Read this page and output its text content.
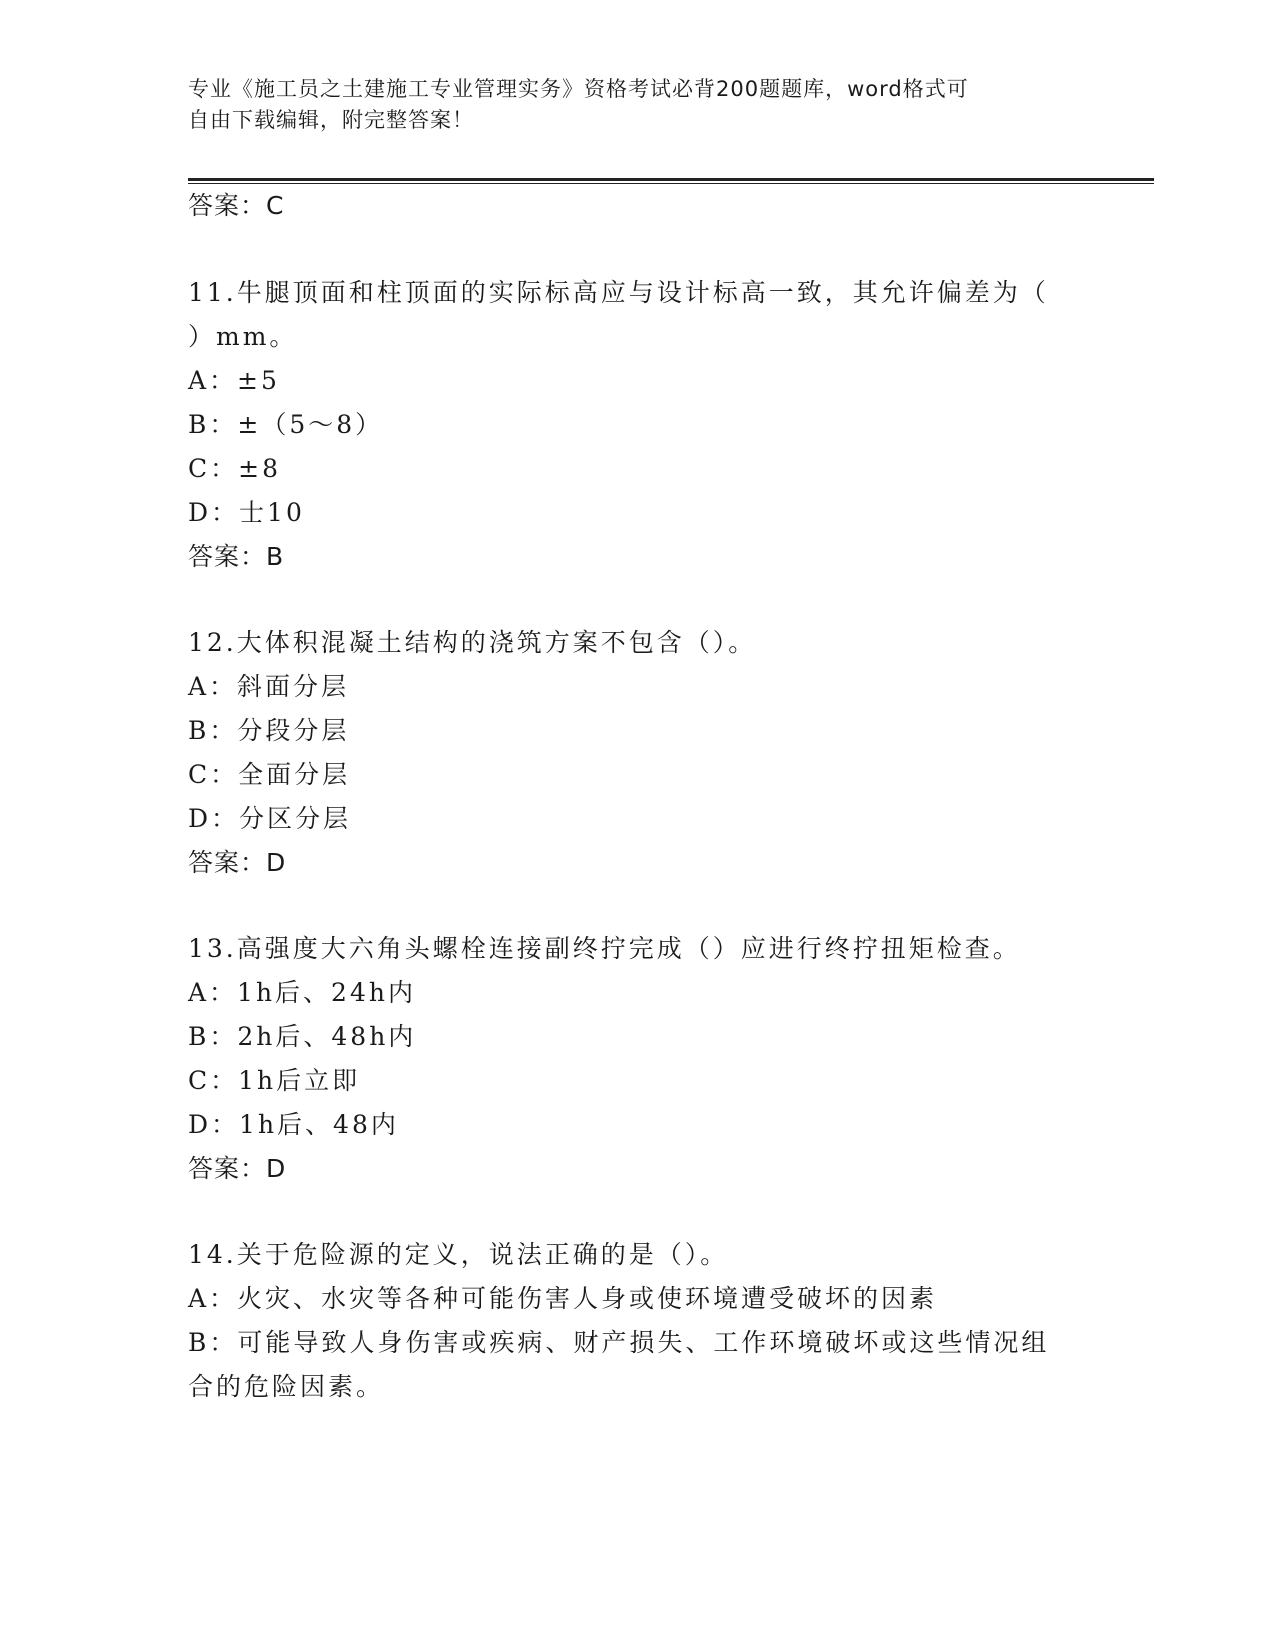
专业《施工员之土建施工专业管理实务》资格考试必背200题题库，word格式可
自由下载编辑，附完整答案！
答案：C
11.牛腿顶面和柱顶面的实际标高应与设计标高一致，其允许偏差为（
）mm。
A：±5
B：±（5～8）
C：±8
D：士10
答案：B
12.大体积混凝土结构的浇筑方案不包含（）。
A：斜面分层
B：分段分层
C：全面分层
D：分区分层
答案：D
13.高强度大六角头螺栓连接副终拧完成（）应进行终拧扭矩检查。
A：1h后、24h内
B：2h后、48h内
C：1h后立即
D：1h后、48内
答案：D
14.关于危险源的定义，说法正确的是（）。
A：火灾、水灾等各种可能伤害人身或使环境遭受破坏的因素
B：可能导致人身伤害或疾病、财产损失、工作环境破坏或这些情况组
合的危险因素。
